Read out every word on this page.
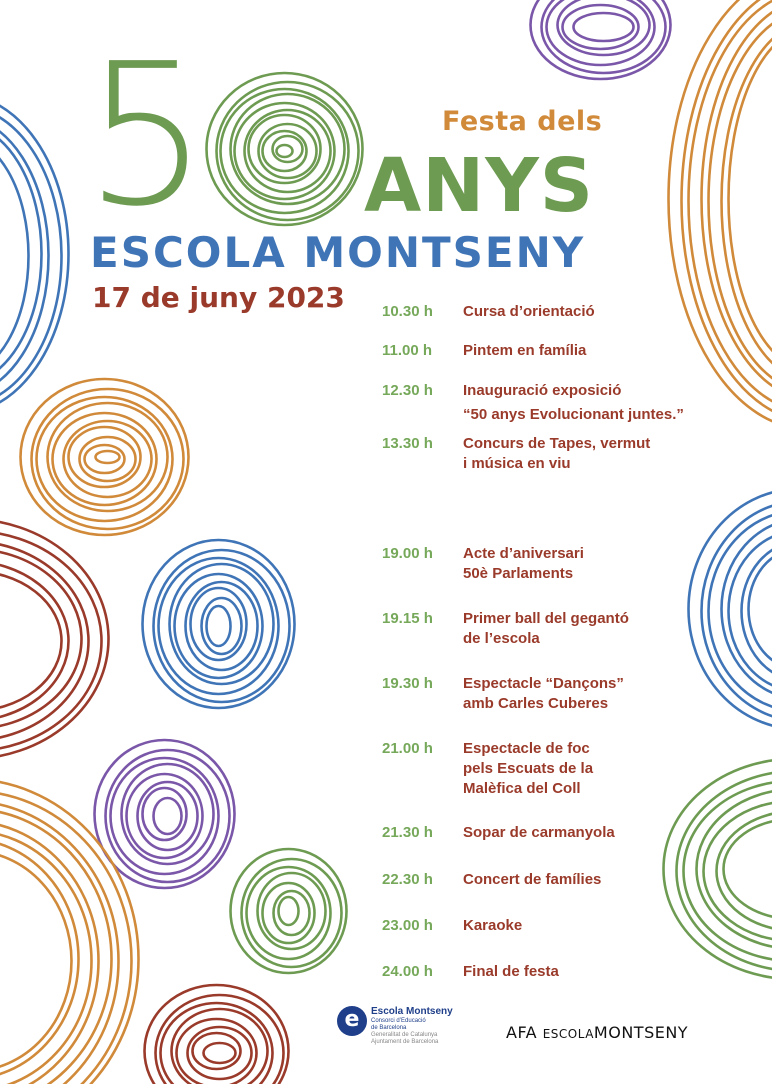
5	Festa dels
ANYS
ESCOLA MONTSENY
17 de juny 2023 10.30 h	Cursa d’orientació
11.00 h	Pintem en família
12.30 h	Inauguració exposició
“50 anys Evolucionant juntes.”
13.30 h	Concurs de Tapes, vermut
i música en viu
19.00 h	Acte d’aniversari
50è Parlaments
19.15 h	Primer ball del gegantó
de l’escola
19.30 h	Espectacle “Dançons”
amb Carles Cuberes
21.00 h	Espectacle de foc
pels Escuats de la
Malèfica del Coll
21.30 h	Sopar de carmanyola
22.30 h	Concert de famílies
23.00 h	Karaoke
24.00 h	Final de festa
e	Escola Montseny
Consorci d’Educació
de Barcelona
Generalitat de Catalunya
Ajuntament de Barcelona	AFA ESCOLAMONTSENY
